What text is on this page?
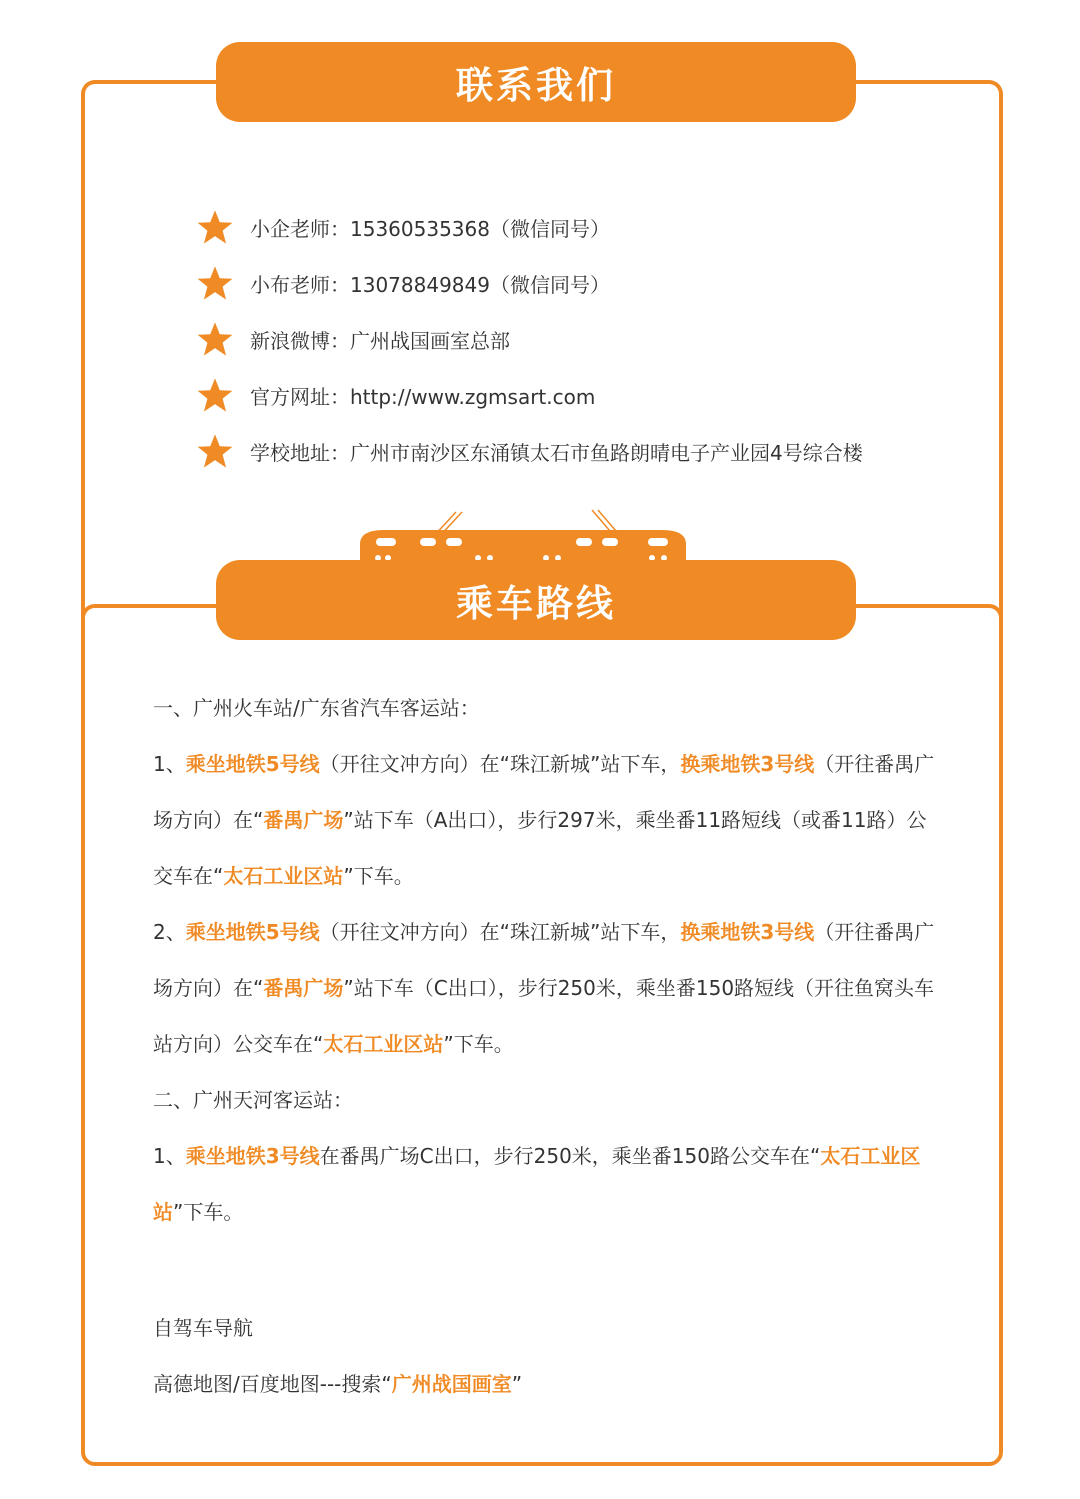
联系我们
小企老师：15360535368（微信同号）
小布老师：13078849849（微信同号）
新浪微博：广州战国画室总部
官方网址：http://www.zgmsart.com
学校地址：广州市南沙区东涌镇太石市鱼路朗晴电子产业园4号综合楼
乘车路线

一、广州火车站/广东省汽车客运站：

1、乘坐地铁5号线（开往文冲方向）在“珠江新城”站下车，换乘地铁3号线（开往番禺广场方向）在“番禺广场”站下车（A出口），步行297米，乘坐番11路短线（或番11路）公交车在“太石工业区站”下车。

2、乘坐地铁5号线（开往文冲方向）在“珠江新城”站下车，换乘地铁3号线（开往番禺广场方向）在“番禺广场”站下车（C出口），步行250米，乘坐番150路短线（开往鱼窝头车站方向）公交车在“太石工业区站”下车。

二、广州天河客运站：

1、乘坐地铁3号线在番禺广场C出口，步行250米，乘坐番150路公交车在“太石工业区站”下车。

自驾车导航

高德地图/百度地图---搜索“广州战国画室”
